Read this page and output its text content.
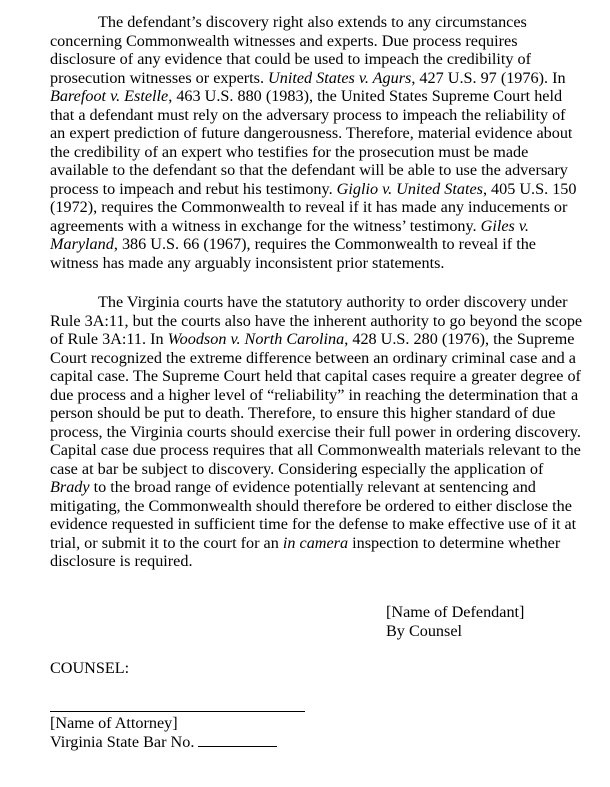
The defendant’s discovery right also extends to any circumstances
concerning Commonwealth witnesses and experts. Due process requires
disclosure of any evidence that could be used to impeach the credibility of
prosecution witnesses or experts. United States v. Agurs, 427 U.S. 97 (1976). In
Barefoot v. Estelle, 463 U.S. 880 (1983), the United States Supreme Court held
that a defendant must rely on the adversary process to impeach the reliability of
an expert prediction of future dangerousness. Therefore, material evidence about
the credibility of an expert who testifies for the prosecution must be made
available to the defendant so that the defendant will be able to use the adversary
process to impeach and rebut his testimony. Giglio v. United States, 405 U.S. 150
(1972), requires the Commonwealth to reveal if it has made any inducements or
agreements with a witness in exchange for the witness’ testimony. Giles v.
Maryland, 386 U.S. 66 (1967), requires the Commonwealth to reveal if the
witness has made any arguably inconsistent prior statements.
The Virginia courts have the statutory authority to order discovery under
Rule 3A:11, but the courts also have the inherent authority to go beyond the scope
of Rule 3A:11. In Woodson v. North Carolina, 428 U.S. 280 (1976), the Supreme
Court recognized the extreme difference between an ordinary criminal case and a
capital case. The Supreme Court held that capital cases require a greater degree of
due process and a higher level of “reliability” in reaching the determination that a
person should be put to death. Therefore, to ensure this higher standard of due
process, the Virginia courts should exercise their full power in ordering discovery.
Capital case due process requires that all Commonwealth materials relevant to the
case at bar be subject to discovery. Considering especially the application of
Brady to the broad range of evidence potentially relevant at sentencing and
mitigating, the Commonwealth should therefore be ordered to either disclose the
evidence requested in sufficient time for the defense to make effective use of it at
trial, or submit it to the court for an in camera inspection to determine whether
disclosure is required.
[Name of Defendant]
By Counsel
COUNSEL:
[Name of Attorney]
Virginia State Bar No.
